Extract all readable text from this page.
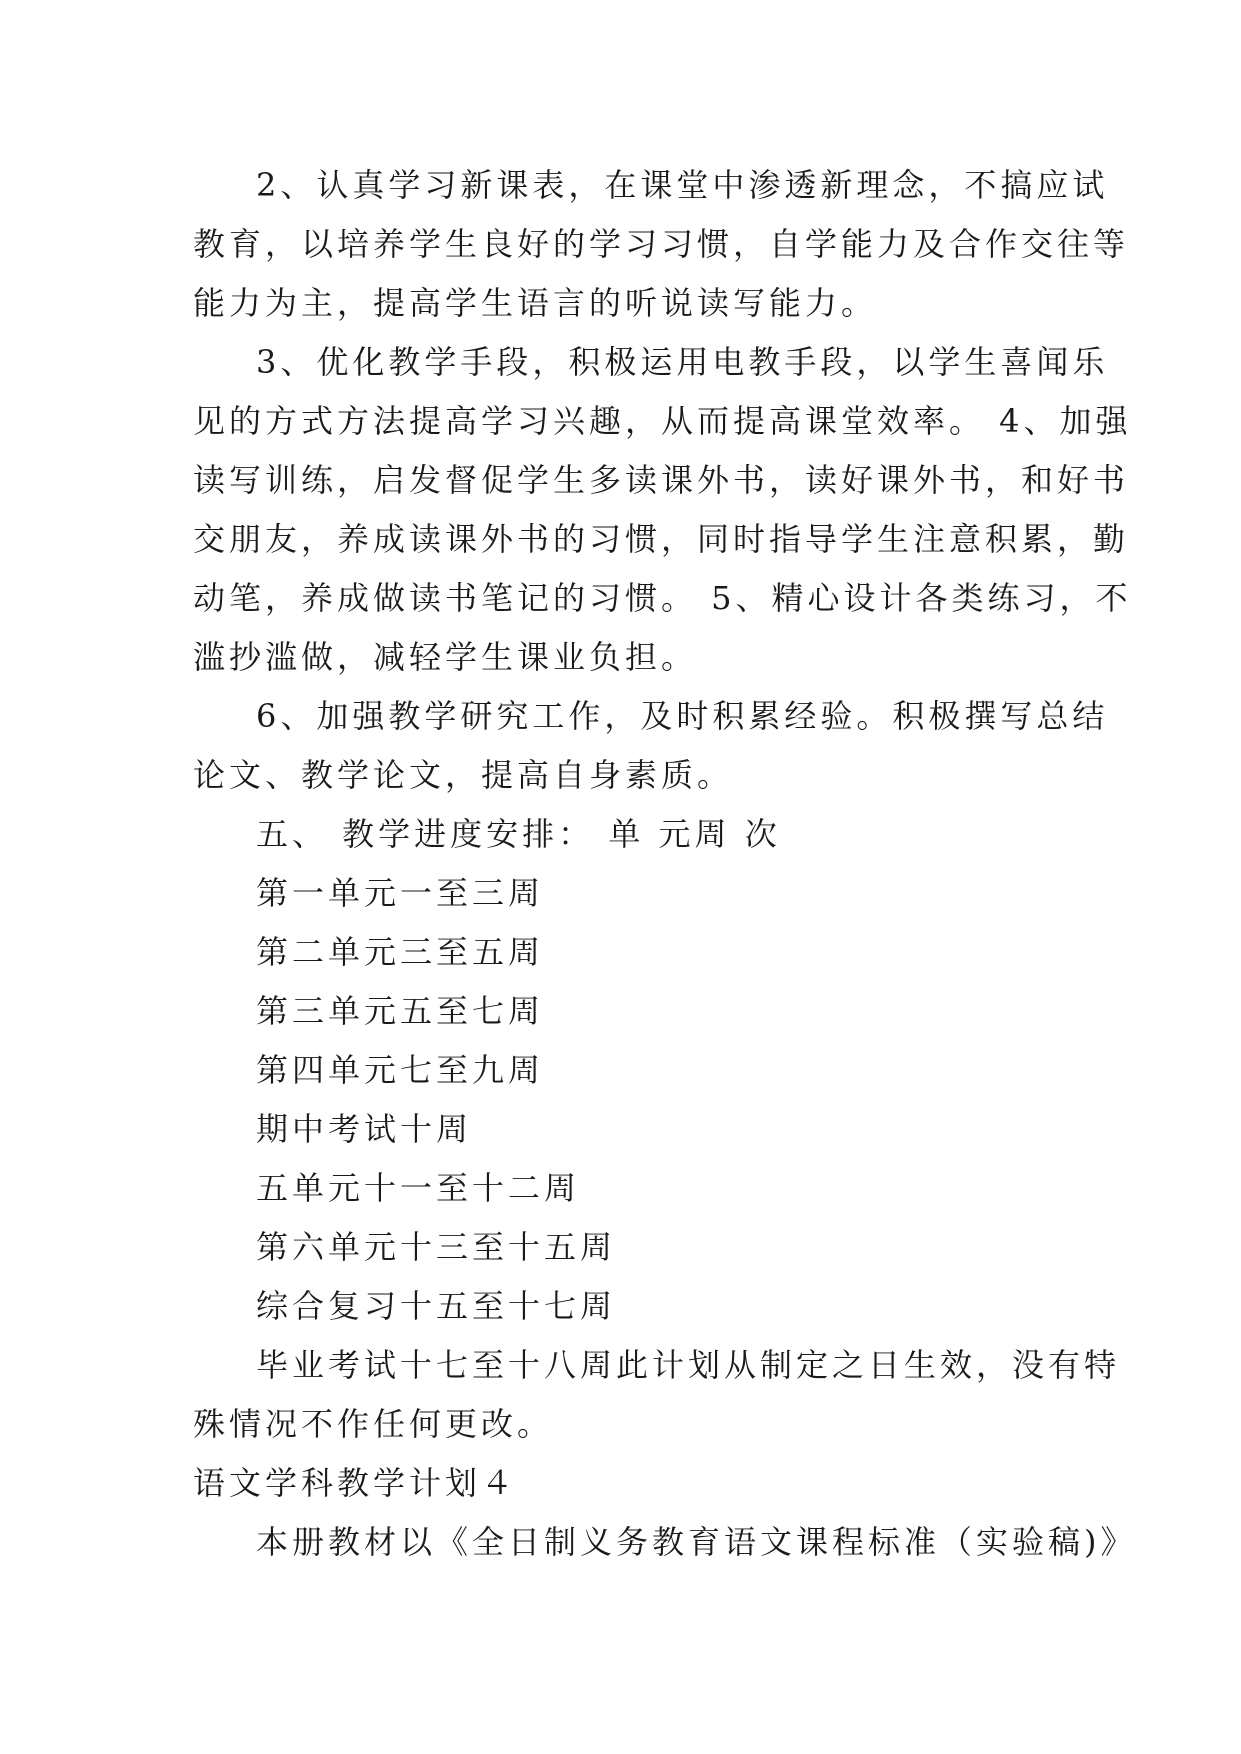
2、认真学习新课表，在课堂中渗透新理念，不搞应试
教育，以培养学生良好的学习习惯，自学能力及合作交往等
能力为主，提高学生语言的听说读写能力。
3、优化教学手段，积极运用电教手段，以学生喜闻乐
见的方式方法提高学习兴趣，从而提高课堂效率。 4、加强
读写训练，启发督促学生多读课外书，读好课外书，和好书
交朋友，养成读课外书的习惯，同时指导学生注意积累，勤
动笔，养成做读书笔记的习惯。 5、精心设计各类练习，不
滥抄滥做，减轻学生课业负担。
6、加强教学研究工作，及时积累经验。积极撰写总结
论文、教学论文，提高自身素质。
五、 教学进度安排： 单 元周 次
第一单元一至三周
第二单元三至五周
第三单元五至七周
第四单元七至九周
期中考试十周
五单元十一至十二周
第六单元十三至十五周
综合复习十五至十七周
毕业考试十七至十八周此计划从制定之日生效，没有特
殊情况不作任何更改。
语文学科教学计划４
本册教材以《全日制义务教育语文课程标准（实验稿)》
